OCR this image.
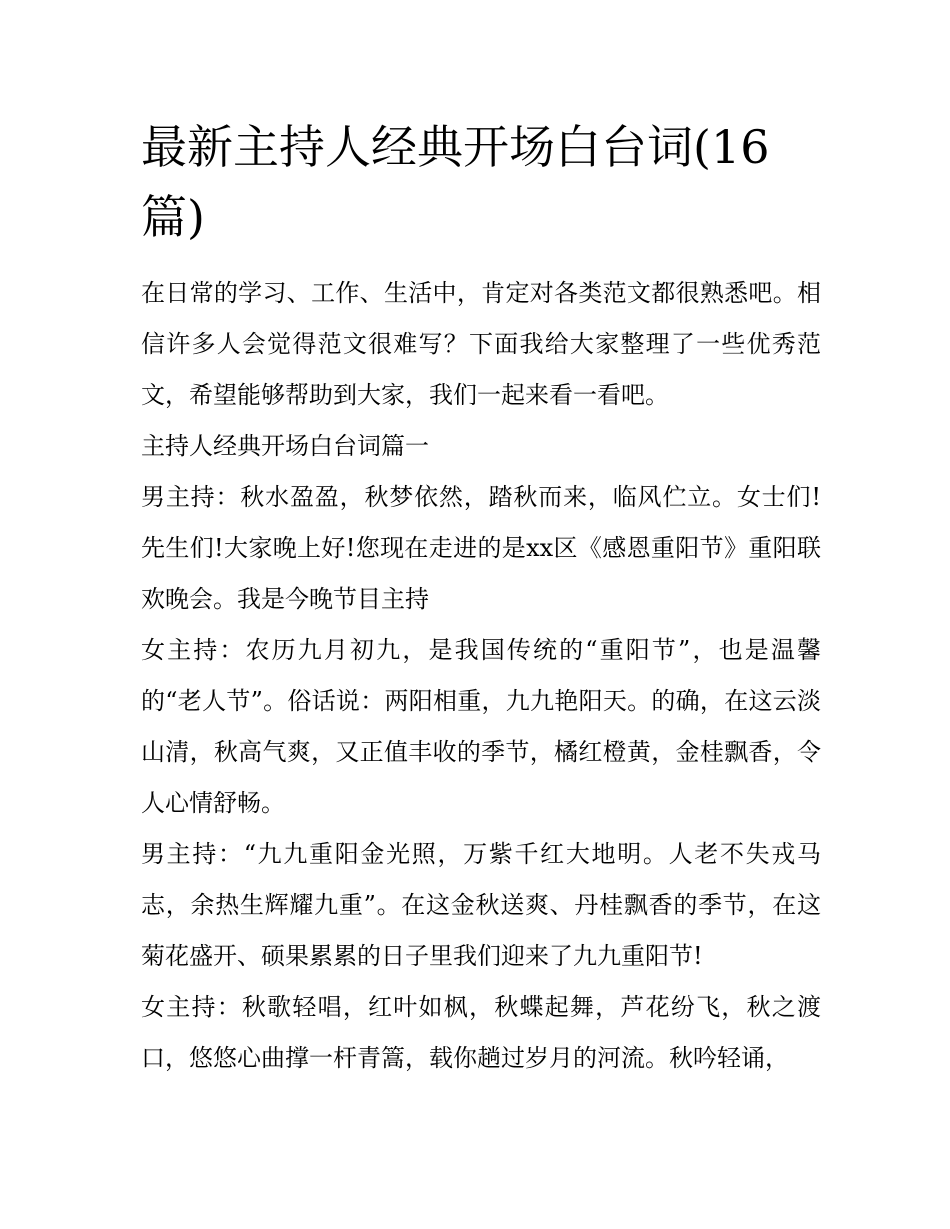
最新主持人经典开场白台词(16篇)

在日常的学习、工作、生活中，肯定对各类范文都很熟悉吧。相信许多人会觉得范文很难写？下面我给大家整理了一些优秀范文，希望能够帮助到大家，我们一起来看一看吧。

主持人经典开场白台词篇一

男主持：秋水盈盈，秋梦依然，踏秋而来，临风伫立。女士们!先生们!大家晚上好!您现在走进的是xx区《感恩重阳节》重阳联欢晚会。我是今晚节目主持

女主持：农历九月初九，是我国传统的“重阳节”，也是温馨的“老人节”。俗话说：两阳相重，九九艳阳天。的确，在这云淡山清，秋高气爽，又正值丰收的季节，橘红橙黄，金桂飘香，令人心情舒畅。

男主持：“九九重阳金光照，万紫千红大地明。人老不失戎马志，余热生辉耀九重”。在这金秋送爽、丹桂飘香的季节，在这菊花盛开、硕果累累的日子里我们迎来了九九重阳节!

女主持：秋歌轻唱，红叶如枫，秋蝶起舞，芦花纷飞，秋之渡口，悠悠心曲撑一杆青篙，载你趟过岁月的河流。秋吟轻诵，
